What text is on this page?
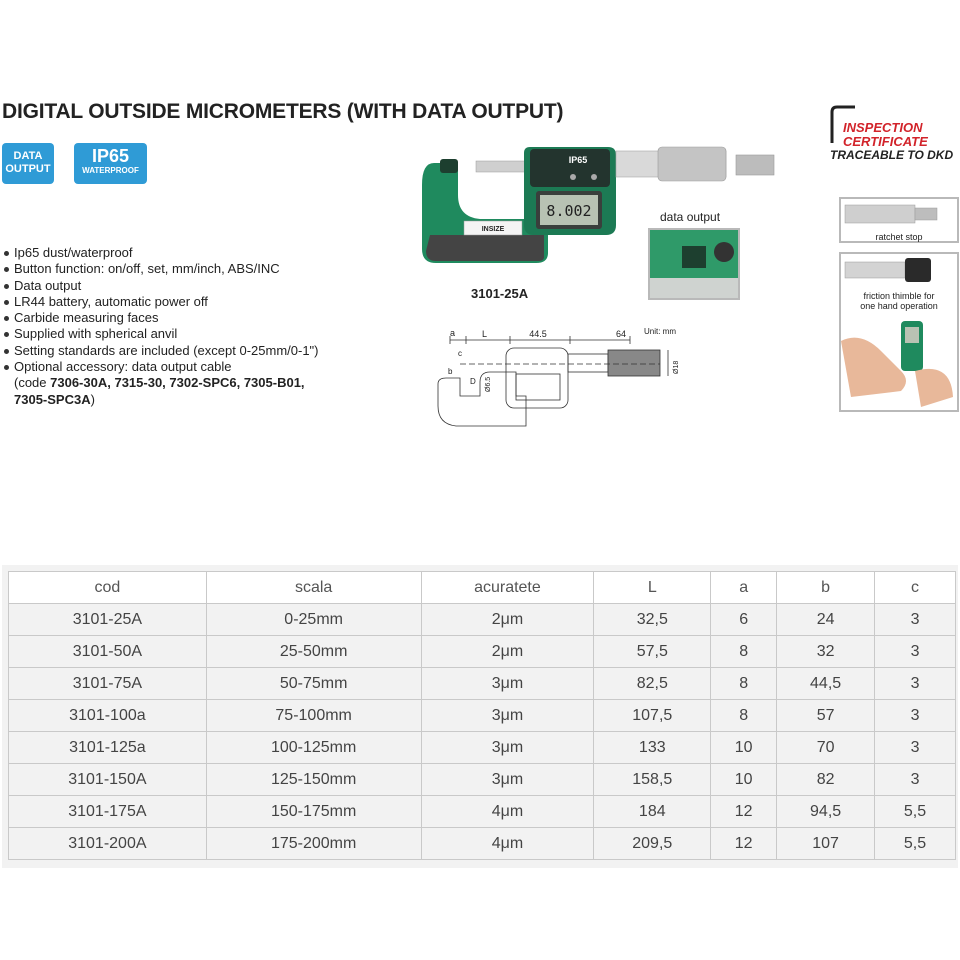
DIGITAL OUTSIDE MICROMETERS (WITH DATA OUTPUT)
DATA
OUTPUT
IP65
WATERPROOF
Ip65 dust/waterproof
Button function: on/off, set, mm/inch, ABS/INC
Data output
LR44 battery, automatic power off
Carbide measuring faces
Supplied with spherical anvil
Setting standards are included (except 0-25mm/0-1")
Optional accessory: data output cable
(code 7306-30A, 7315-30, 7302-SPC6, 7305-B01,
7305-SPC3A)
INSIZE
IP65
8.002
3101-25A
data output
INSPECTION
CERTIFICATE
TRACEABLE TO DKD
ratchet stop
friction thimble for
one hand operation
a	L	44.5	64 Unit: mm
c
b
D Ø6.5
Ø18
cod	scala	acuratete	L	a	b	c
3101-25A	0-25mm	2μm	32,5	6	24	3
3101-50A	25-50mm	2μm	57,5	8	32	3
3101-75A	50-75mm	3μm	82,5	8	44,5	3
3101-100a	75-100mm	3μm	107,5	8	57	3
3101-125a	100-125mm	3μm	133	10	70	3
3101-150A	125-150mm	3μm	158,5	10	82	3
3101-175A	150-175mm	4μm	184	12	94,5	5,5
3101-200A	175-200mm	4μm	209,5	12	107	5,5
